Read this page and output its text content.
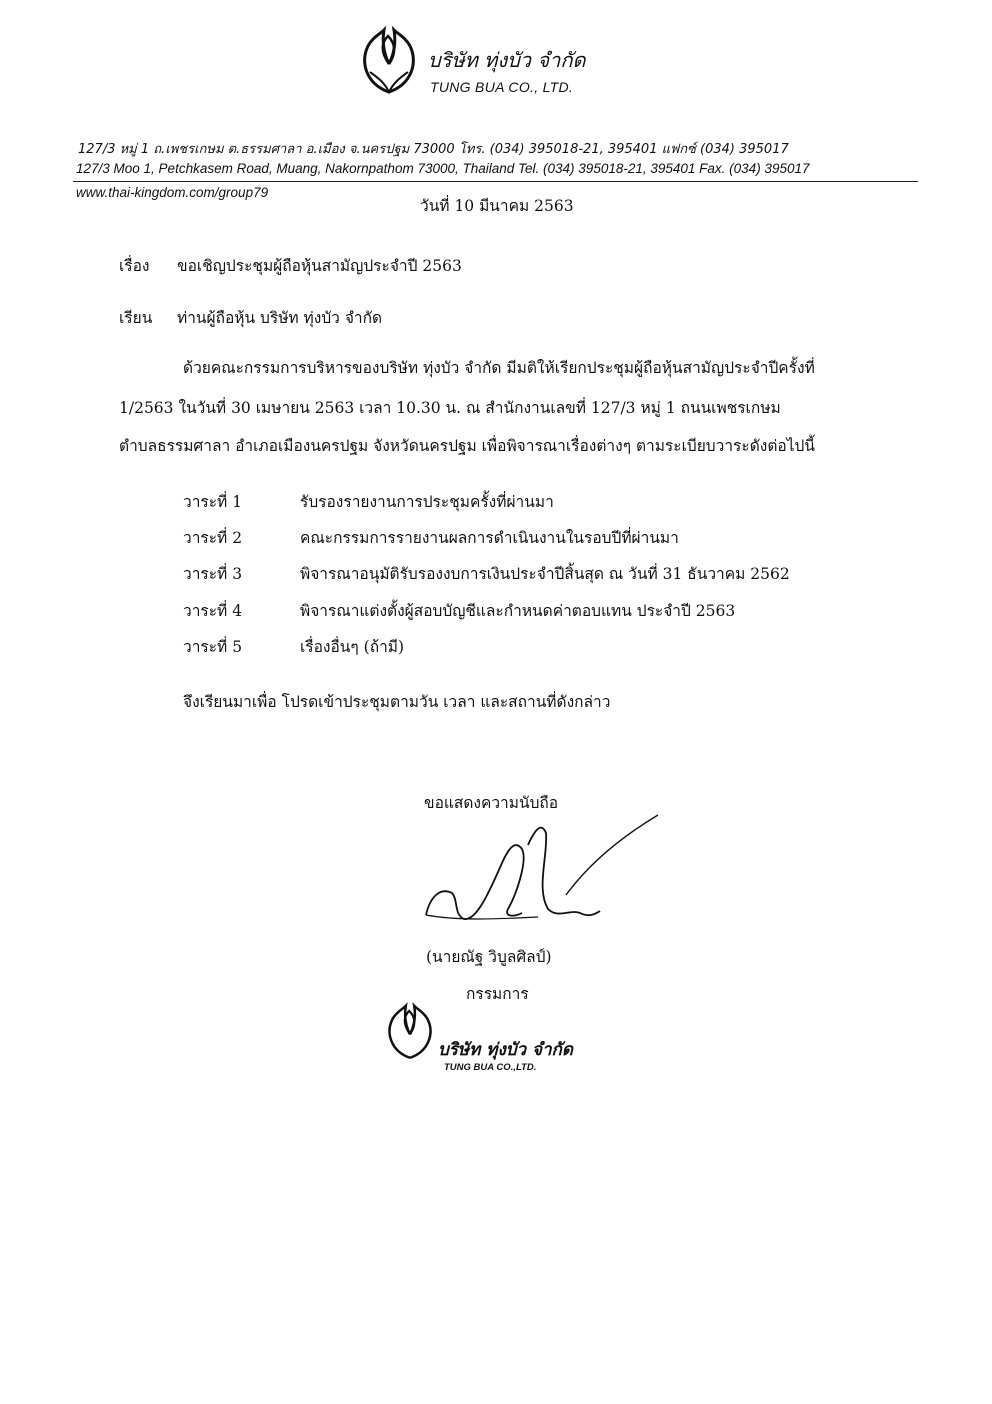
บริษัท ทุ่งบัว จำกัด
TUNG BUA CO., LTD.
127/3 หมู่ 1 ถ.เพชรเกษม ต.ธรรมศาลา อ.เมือง จ.นครปฐม 73000 โทร. (034) 395018-21, 395401 แฟกซ์ (034) 395017
127/3 Moo 1, Petchkasem Road, Muang, Nakornpathom 73000, Thailand Tel. (034) 395018-21, 395401 Fax. (034) 395017
www.thai-kingdom.com/group79
วันที่ 10 มีนาคม 2563
เรื่อง ขอเชิญประชุมผู้ถือหุ้นสามัญประจำปี 2563
เรียน ท่านผู้ถือหุ้น บริษัท ทุ่งบัว จำกัด
ด้วยคณะกรรมการบริหารของบริษัท ทุ่งบัว จำกัด มีมติให้เรียกประชุมผู้ถือหุ้นสามัญประจำปีครั้งที่
1/2563 ในวันที่ 30 เมษายน 2563 เวลา 10.30 น. ณ สำนักงานเลขที่ 127/3 หมู่ 1 ถนนเพชรเกษม
ตำบลธรรมศาลา อำเภอเมืองนครปฐม จังหวัดนครปฐม เพื่อพิจารณาเรื่องต่างๆ ตามระเบียบวาระดังต่อไปนี้
วาระที่ 1	รับรองรายงานการประชุมครั้งที่ผ่านมา
วาระที่ 2	คณะกรรมการรายงานผลการดำเนินงานในรอบปีที่ผ่านมา
วาระที่ 3	พิจารณาอนุมัติรับรองงบการเงินประจำปีสิ้นสุด ณ วันที่ 31 ธันวาคม 2562
วาระที่ 4	พิจารณาแต่งตั้งผู้สอบบัญชีและกำหนดค่าตอบแทน ประจำปี 2563
วาระที่ 5	เรื่องอื่นๆ (ถ้ามี)
จึงเรียนมาเพื่อ โปรดเข้าประชุมตามวัน เวลา และสถานที่ดังกล่าว
ขอแสดงความนับถือ
(นายณัฐ วิบูลศิลป์)
กรรมการ
บริษัท ทุ่งบัว จำกัด
TUNG BUA CO.,LTD.
